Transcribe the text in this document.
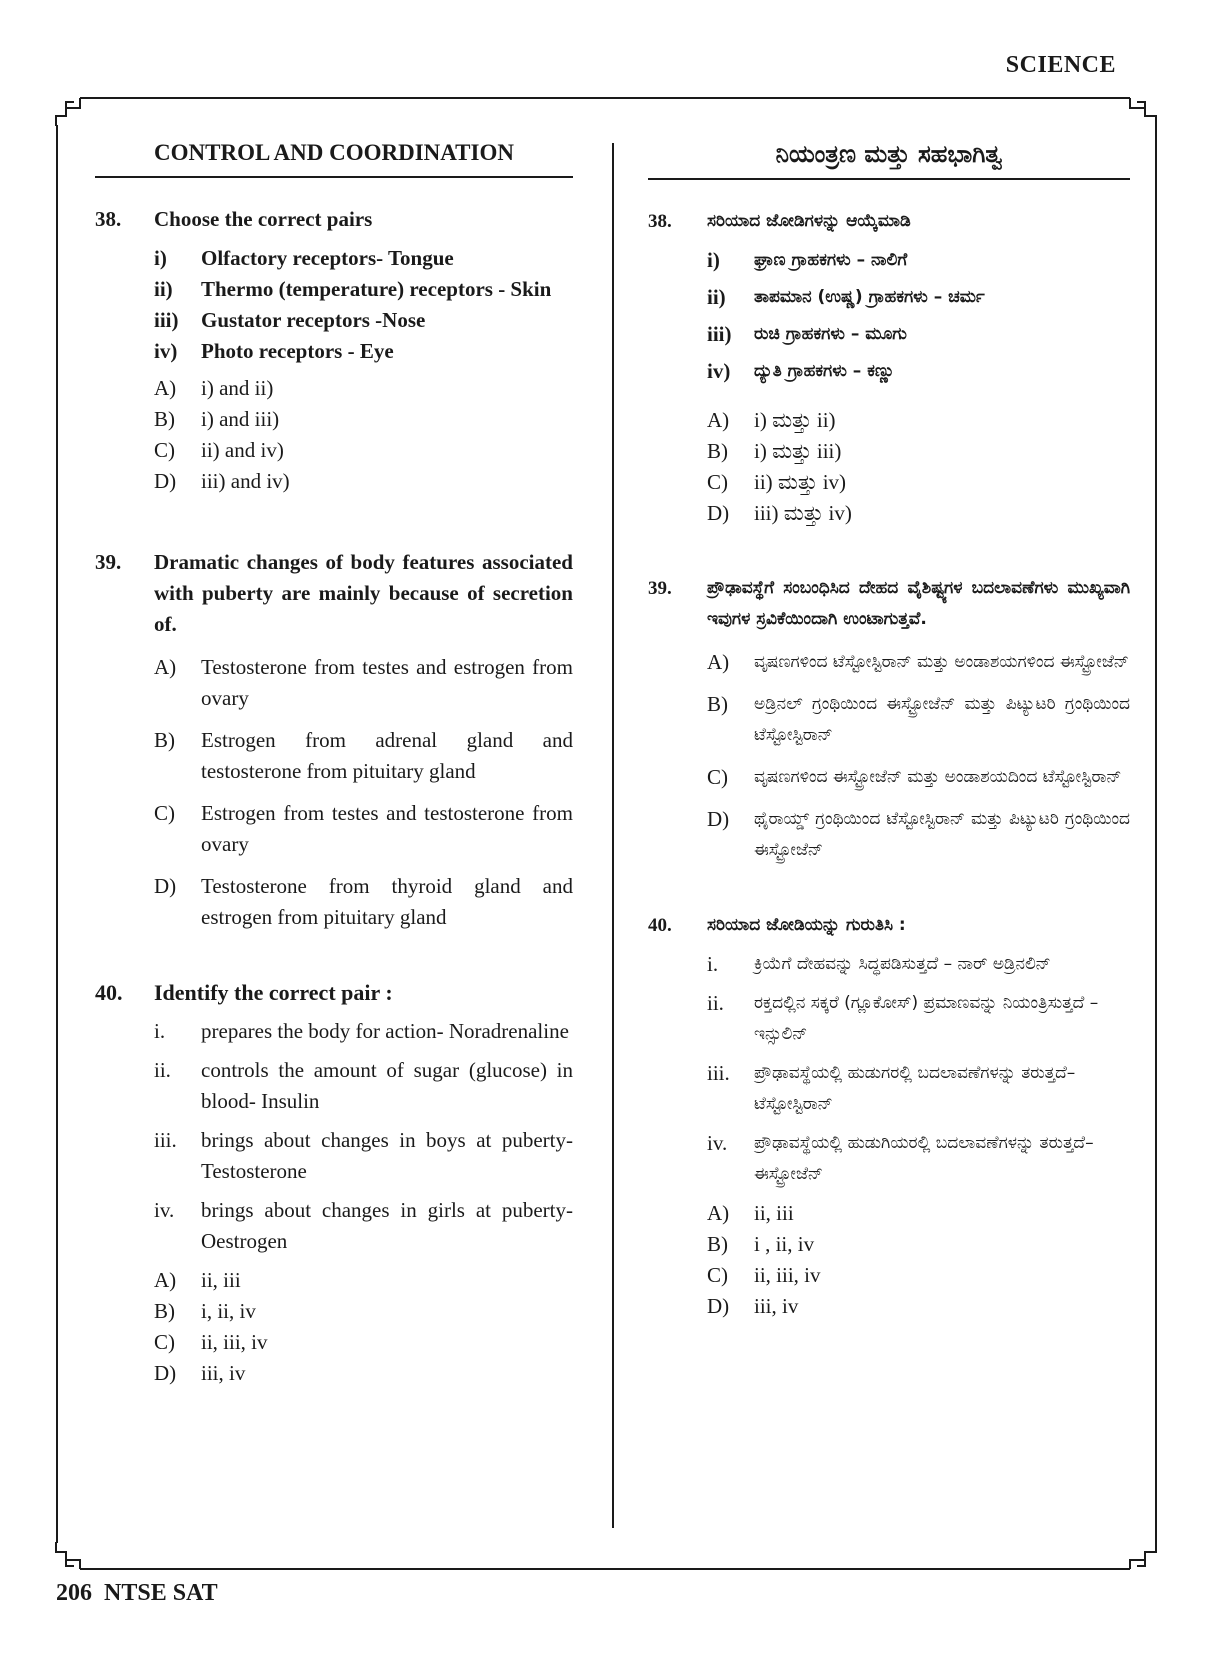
SCIENCE
CONTROL AND COORDINATION
38.	Choose the correct pairs
i)	Olfactory receptors- Tongue
ii)	Thermo (temperature) receptors - Skin
iii)	Gustator receptors -Nose
iv)	Photo receptors - Eye
A)	i) and ii)
B)	i) and iii)
C)	ii) and iv)
D)	iii) and iv)
39.	Dramatic changes of body features associated with puberty are mainly because of secretion of.
A)	Testosterone from testes and estrogen from ovary
B)	Estrogen from adrenal gland and testosterone from pituitary gland
C)	Estrogen from testes and testosterone from ovary
D)	Testosterone from thyroid gland and estrogen from pituitary gland
40.	Identify the correct pair :
i.	prepares the body for action- Noradrenaline
ii.	controls the amount of sugar (glucose) in blood- Insulin
iii.	brings about changes in boys at puberty- Testosterone
iv.	brings about changes in girls at puberty- Oestrogen
A)	ii, iii
B)	i, ii, iv
C)	ii, iii, iv
D)	iii, iv
ನಿಯಂತ್ರಣ ಮತ್ತು ಸಹಭಾಗಿತ್ವ
38.	ಸರಿಯಾದ ಜೋಡಿಗಳನ್ನು ಆಯ್ಕೆಮಾಡಿ
i)	ಘ್ರಾಣ ಗ್ರಾಹಕಗಳು – ನಾಲಿಗೆ
ii)	ತಾಪಮಾನ (ಉಷ್ಣ) ಗ್ರಾಹಕಗಳು – ಚರ್ಮ
iii)	ರುಚಿ ಗ್ರಾಹಕಗಳು – ಮೂಗು
iv)	ದ್ಯುತಿ ಗ್ರಾಹಕಗಳು – ಕಣ್ಣು
A)	i) ಮತ್ತು ii)
B)	i) ಮತ್ತು iii)
C)	ii) ಮತ್ತು iv)
D)	iii) ಮತ್ತು iv)
39.	ಪ್ರೌಢಾವಸ್ಥೆಗೆ ಸಂಬಂಧಿಸಿದ ದೇಹದ ವೈಶಿಷ್ಟ್ಯಗಳ ಬದಲಾವಣೆಗಳು ಮುಖ್ಯವಾಗಿ ಇವುಗಳ ಸ್ರವಿಕೆಯಿಂದಾಗಿ ಉಂಟಾಗುತ್ತವೆ.
A)	ವೃಷಣಗಳಿಂದ ಟೆಸ್ಟೋಸ್ಟಿರಾನ್ ಮತ್ತು ಅಂಡಾಶಯಗಳಿಂದ ಈಸ್ಟ್ರೋಜೆನ್
B)	ಅಡ್ರಿನಲ್ ಗ್ರಂಥಿಯಿಂದ ಈಸ್ಟ್ರೋಜೆನ್ ಮತ್ತು ಪಿಟ್ಯುಟರಿ ಗ್ರಂಥಿಯಿಂದ ಟೆಸ್ಟೋಸ್ಟಿರಾನ್
C)	ವೃಷಣಗಳಿಂದ ಈಸ್ಟ್ರೋಜೆನ್ ಮತ್ತು ಅಂಡಾಶಯದಿಂದ ಟೆಸ್ಟೋಸ್ಟಿರಾನ್
D)	ಥೈರಾಯ್ಡ್ ಗ್ರಂಥಿಯಿಂದ ಟೆಸ್ಟೋಸ್ಟಿರಾನ್ ಮತ್ತು ಪಿಟ್ಯುಟರಿ ಗ್ರಂಥಿಯಿಂದ ಈಸ್ಟ್ರೋಜೆನ್
40.	ಸರಿಯಾದ ಜೋಡಿಯನ್ನು ಗುರುತಿಸಿ :
i.	ಕ್ರಿಯೆಗೆ ದೇಹವನ್ನು ಸಿದ್ಧಪಡಿಸುತ್ತದೆ – ನಾರ್ ಅಡ್ರಿನಲಿನ್
ii.	ರಕ್ತದಲ್ಲಿನ ಸಕ್ಕರೆ (ಗ್ಲೂಕೋಸ್) ಪ್ರಮಾಣವನ್ನು ನಿಯಂತ್ರಿಸುತ್ತದೆ – ಇನ್ಸುಲಿನ್
iii.	ಪ್ರೌಢಾವಸ್ಥೆಯಲ್ಲಿ ಹುಡುಗರಲ್ಲಿ ಬದಲಾವಣೆಗಳನ್ನು ತರುತ್ತದೆ– ಟೆಸ್ಟೋಸ್ಟಿರಾನ್
iv.	ಪ್ರೌಢಾವಸ್ಥೆಯಲ್ಲಿ ಹುಡುಗಿಯರಲ್ಲಿ ಬದಲಾವಣೆಗಳನ್ನು ತರುತ್ತದೆ– ಈಸ್ಟ್ರೋಜೆನ್
A)	ii, iii
B)	i , ii, iv
C)	ii, iii, iv
D)	iii, iv
206 NTSE SAT
